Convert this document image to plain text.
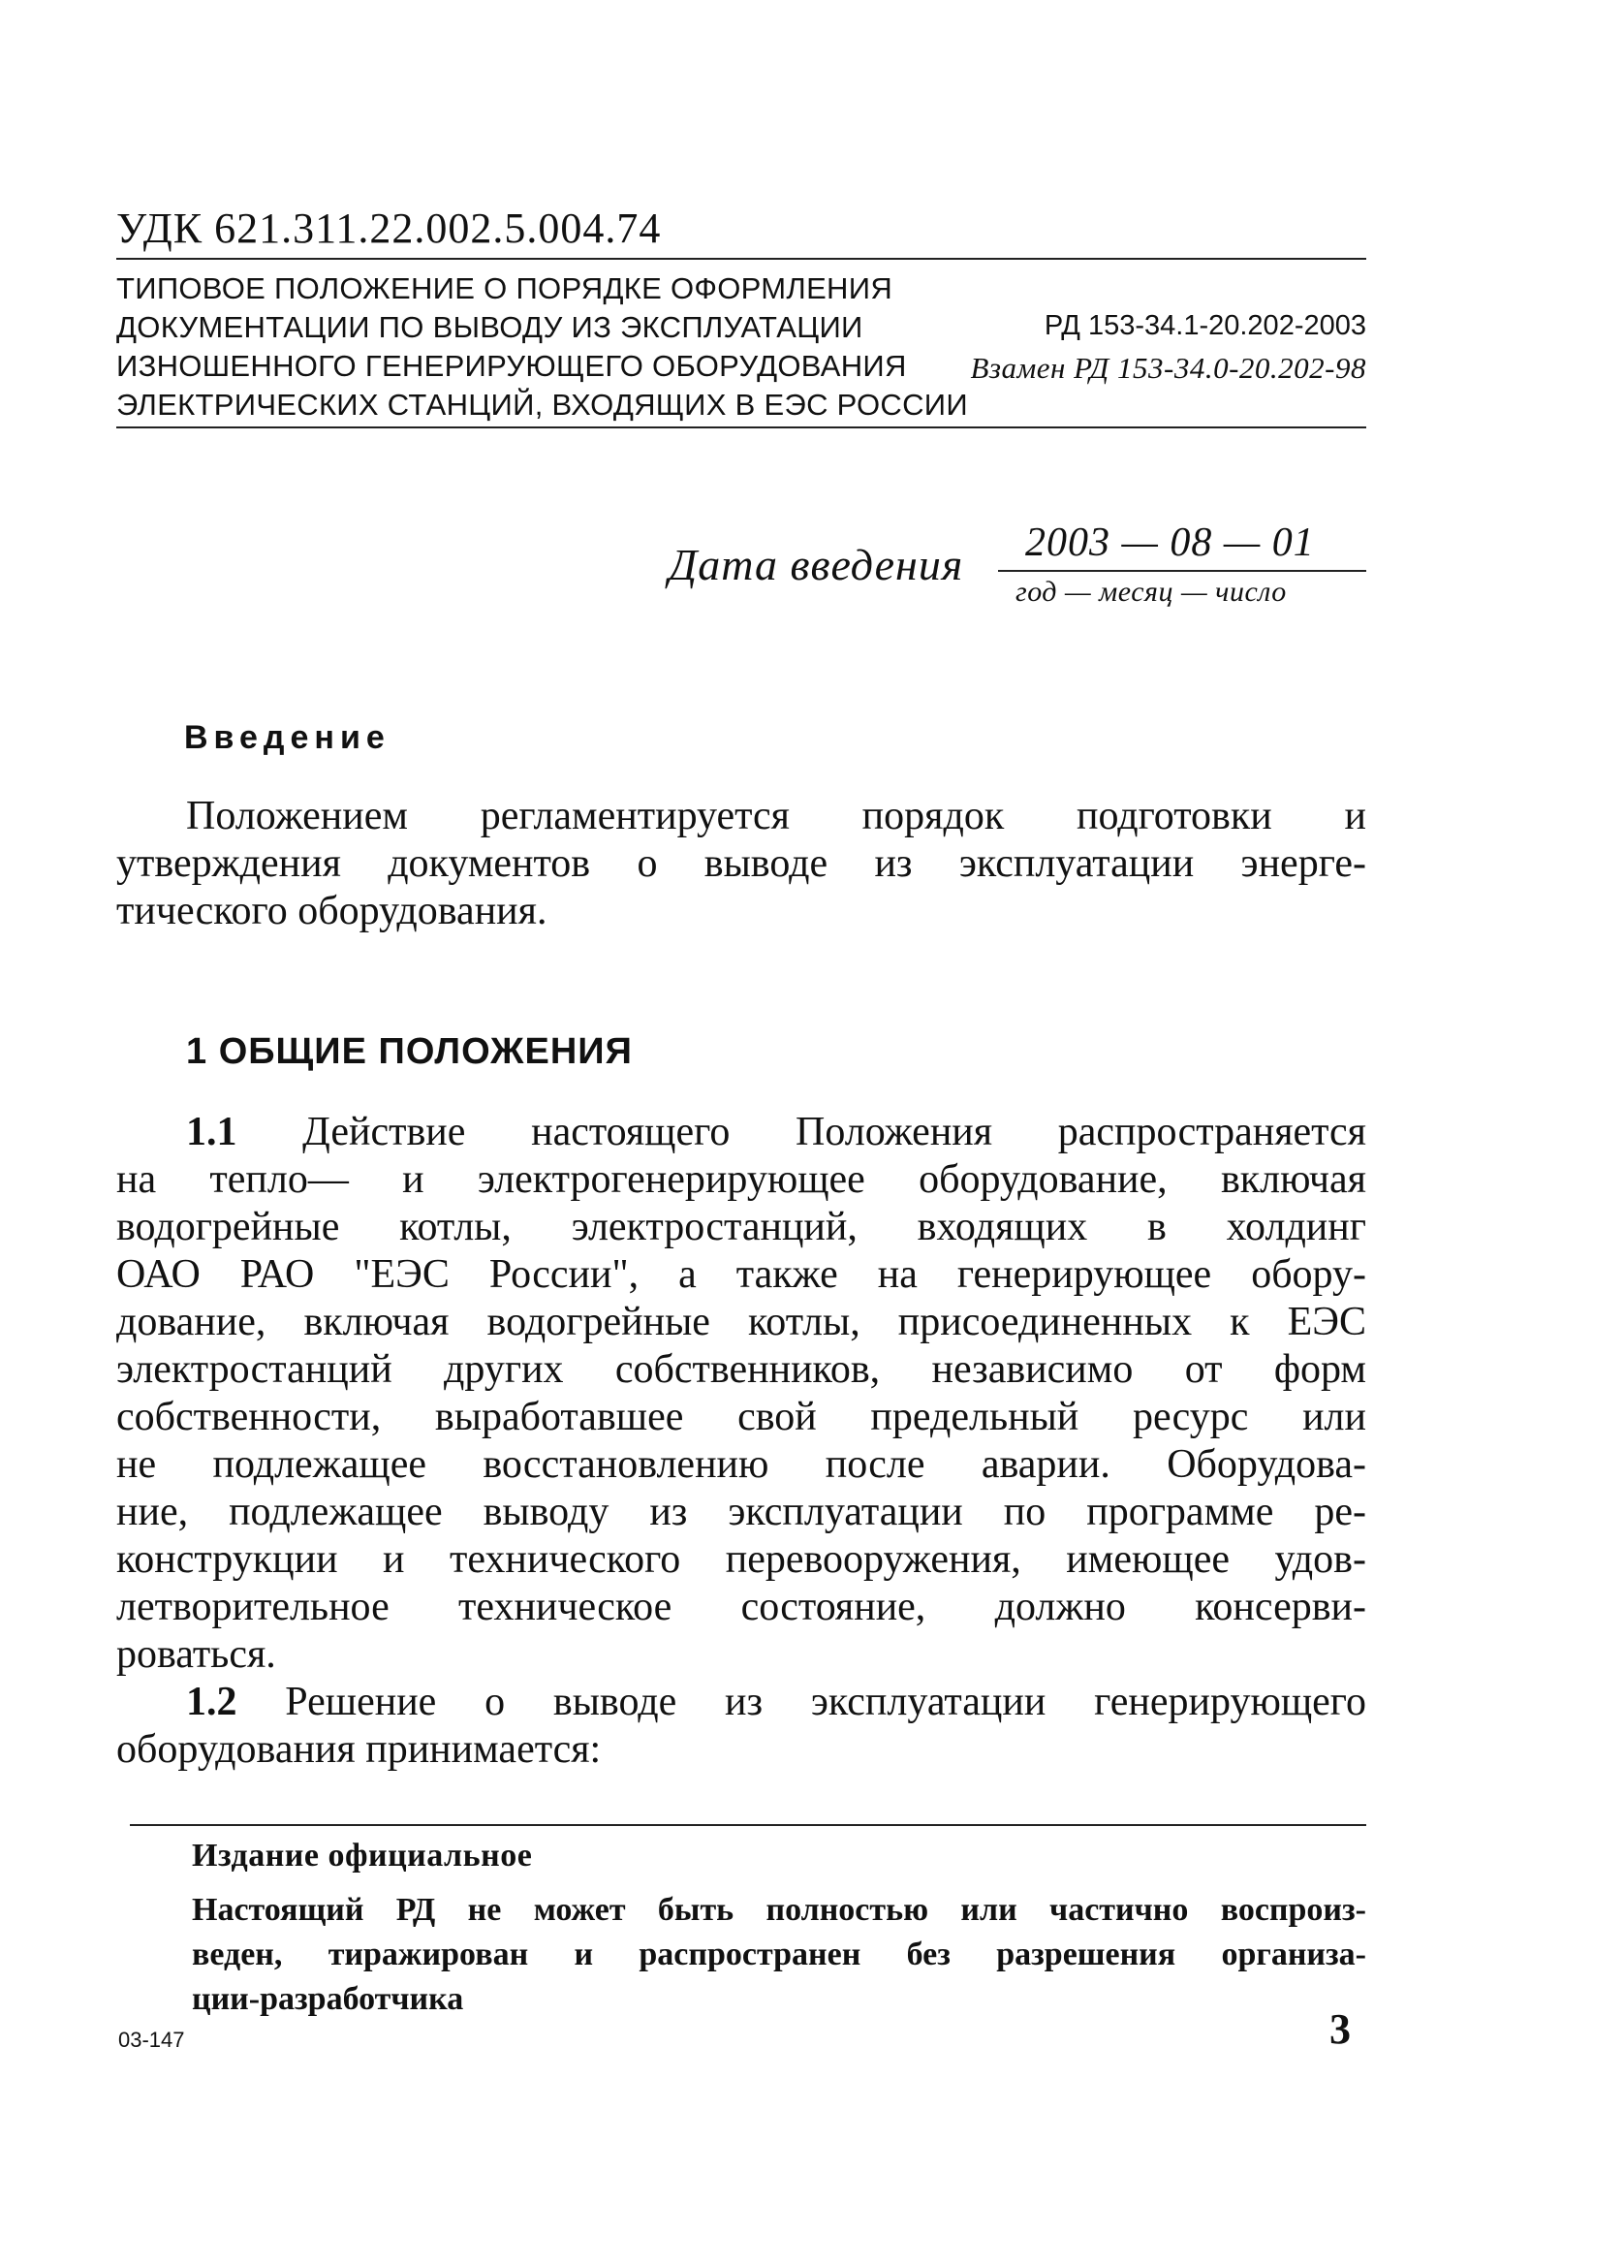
УДК 621.311.22.002.5.004.74
ТИПОВОЕ ПОЛОЖЕНИЕ О ПОРЯДКЕ ОФОРМЛЕНИЯ
ДОКУМЕНТАЦИИ ПО ВЫВОДУ ИЗ ЭКСПЛУАТАЦИИ
ИЗНОШЕННОГО ГЕНЕРИРУЮЩЕГО ОБОРУДОВАНИЯ
ЭЛЕКТРИЧЕСКИХ СТАНЦИЙ, ВХОДЯЩИХ В ЕЭС РОССИИ
РД 153-34.1-20.202-2003
Взамен РД 153-34.0-20.202-98
Дата введения 2003 — 08 — 01
год — месяц — число
Введение
Положением регламентируется порядок подготовки и
утверждения документов о выводе из эксплуатации энерге-
тического оборудования.
1 ОБЩИЕ ПОЛОЖЕНИЯ
1.1 Действие настоящего Положения распространяется
на тепло— и электрогенерирующее оборудование, включая
водогрейные котлы, электростанций, входящих в холдинг
ОАО РАО "ЕЭС России", а также на генерирующее обору-
дование, включая водогрейные котлы, присоединенных к ЕЭС
электростанций других собственников, независимо от форм
собственности, выработавшее свой предельный ресурс или
не подлежащее восстановлению после аварии. Оборудова-
ние, подлежащее выводу из эксплуатации по программе ре-
конструкции и технического перевооружения, имеющее удов-
летворительное техническое состояние, должно консерви-
роваться.
1.2 Решение о выводе из эксплуатации генерирующего
оборудования принимается:
Издание официальное
Настоящий РД не может быть полностью или частично воспроиз-
веден, тиражирован и распространен без разрешения организа-
ции-разработчика
03-147	3
